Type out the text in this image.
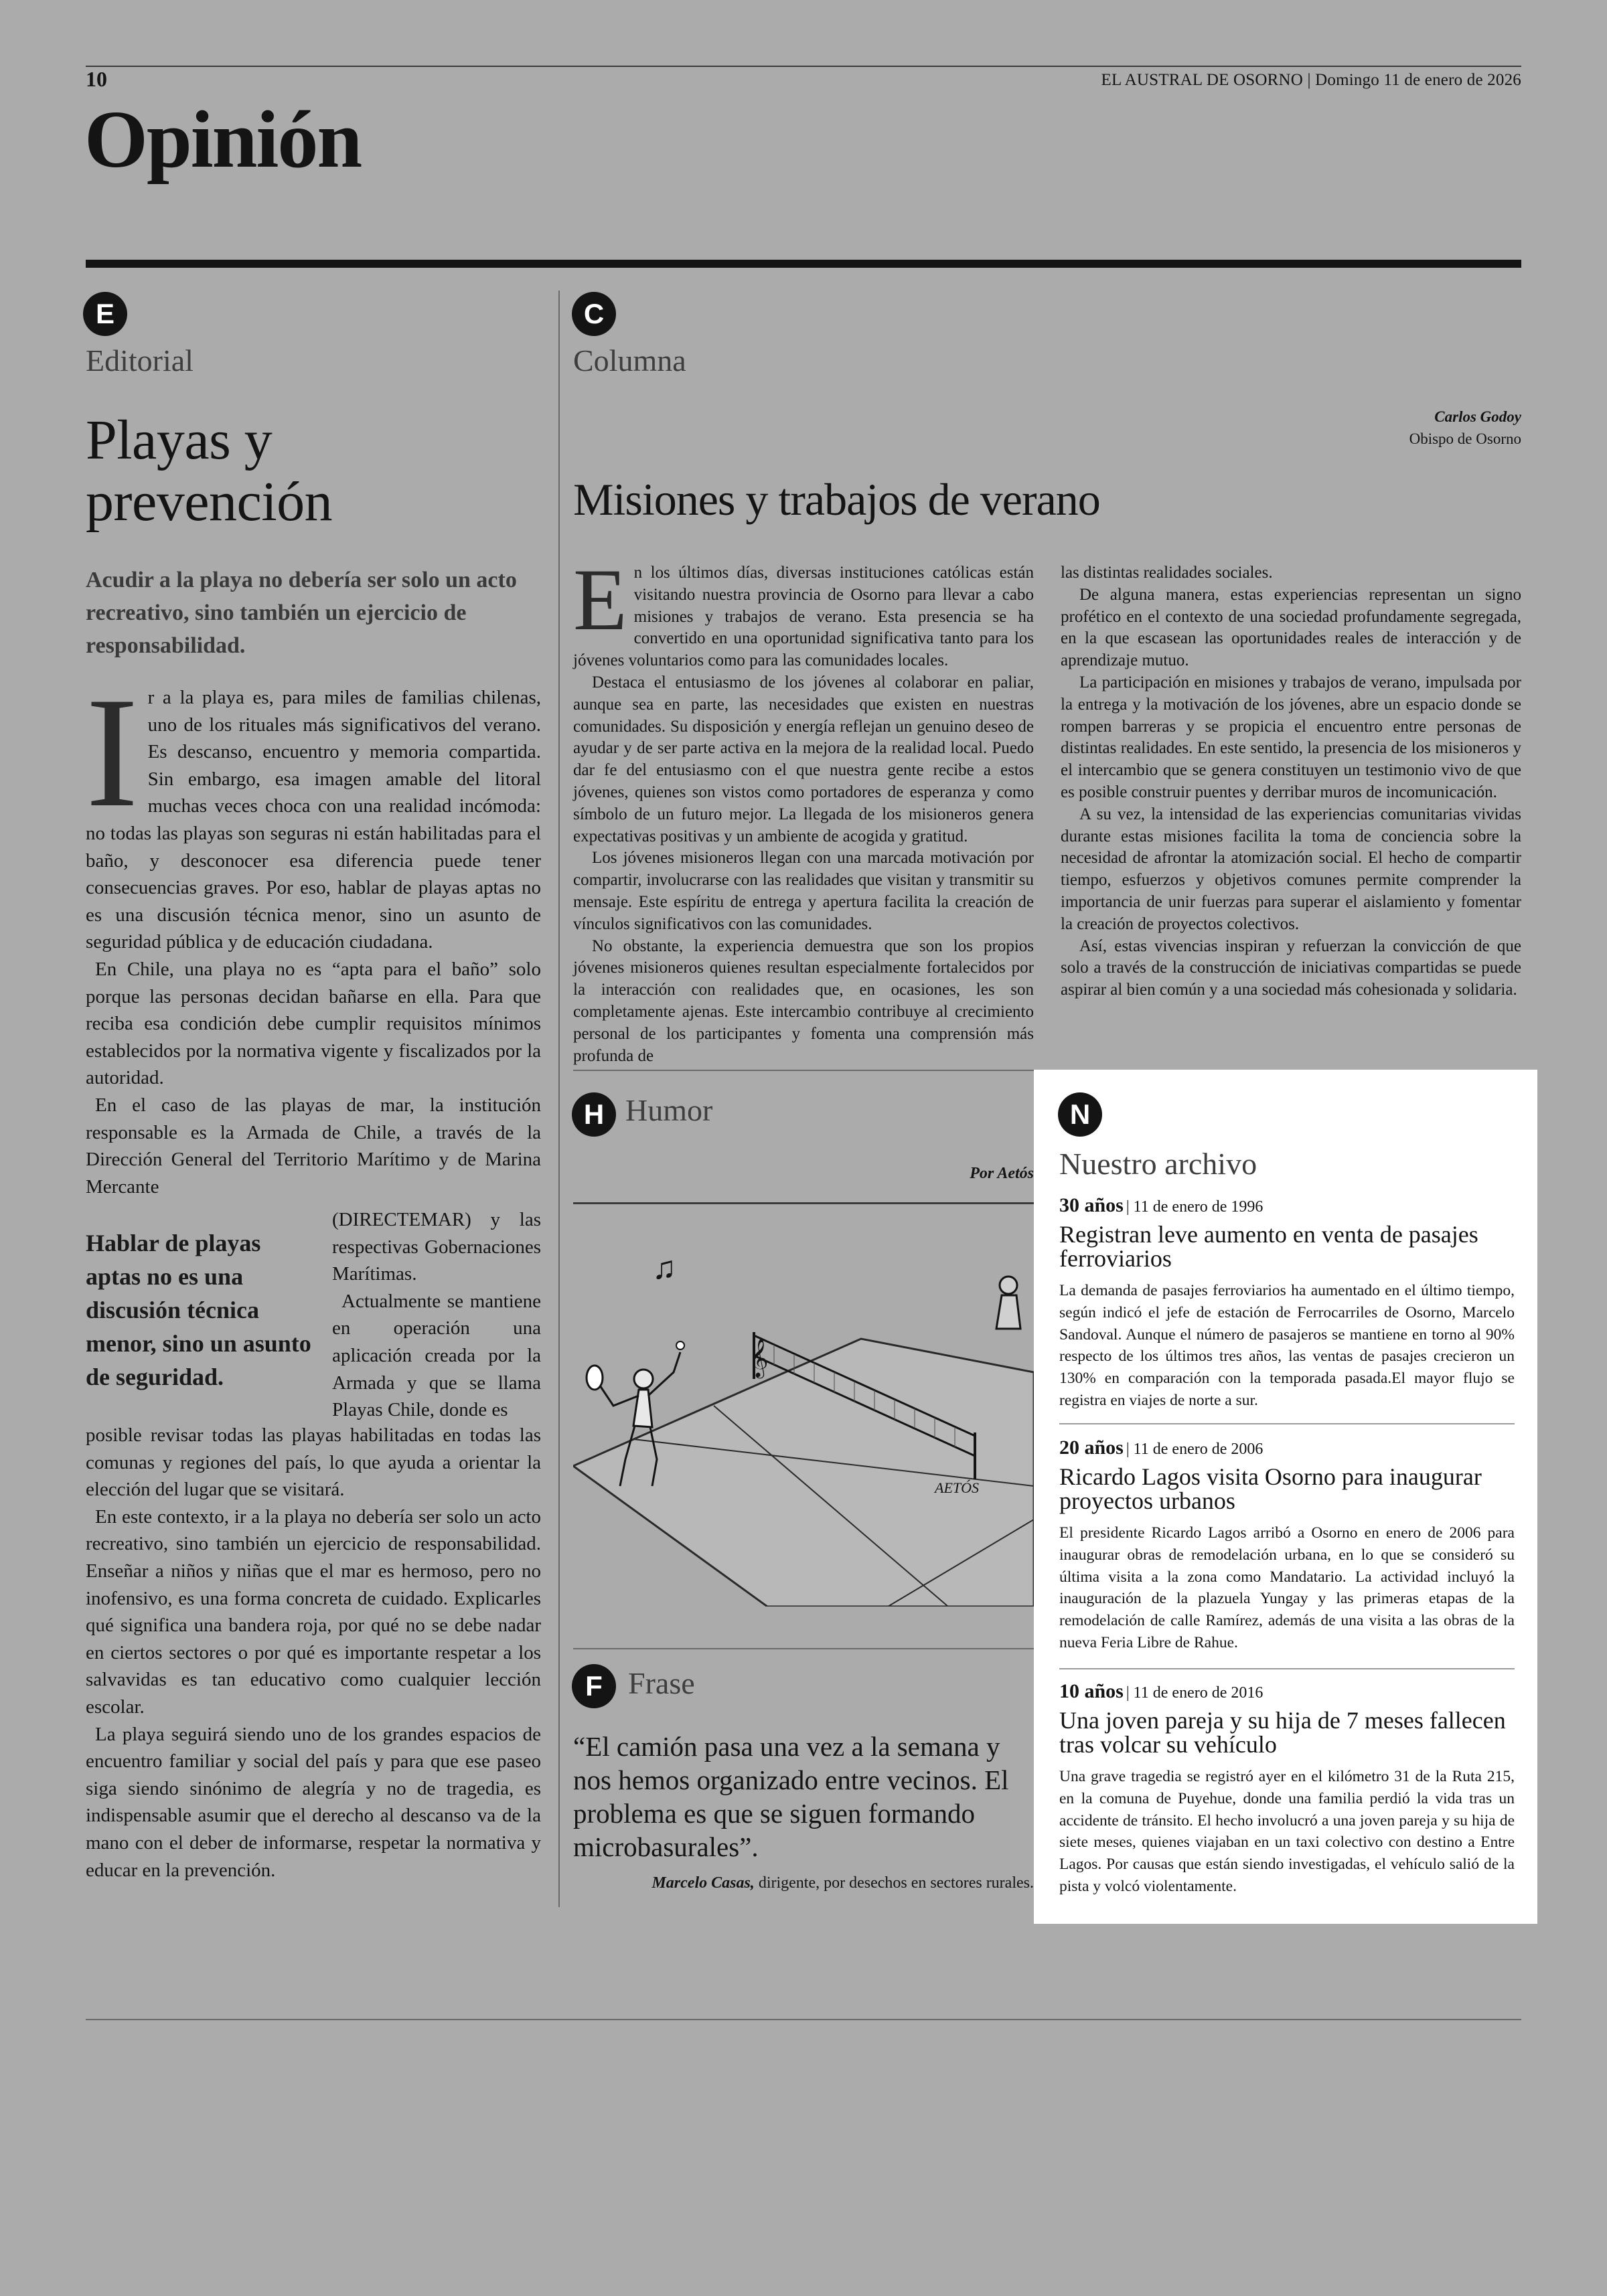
10	EL AUSTRAL DE OSORNO | Domingo 11 de enero de 2026
Opinión
E
Editorial
Playas y
prevención
Acudir a la playa no debería ser solo un acto recreativo, sino también un ejercicio de responsabilidad.

Ir a la playa es, para miles de familias chilenas, uno de los rituales más significativos del verano. Es descanso, encuentro y memoria compartida. Sin embargo, esa imagen amable del litoral muchas veces choca con una realidad incómoda: no todas las playas son seguras ni están habilitadas para el baño, y desconocer esa diferencia puede tener consecuencias graves. Por eso, hablar de playas aptas no es una discusión técnica menor, sino un asunto de seguridad pública y de educación ciudadana.

En Chile, una playa no es “apta para el baño” solo porque las personas decidan bañarse en ella. Para que reciba esa condición debe cumplir requisitos mínimos establecidos por la normativa vigente y fiscalizados por la autoridad.

En el caso de las playas de mar, la institución responsable es la Armada de Chile, a través de la Dirección General del Territorio Marítimo y de Marina Mercante

Hablar de playas aptas no es una discusión técnica menor, sino un asunto de seguridad.

(DIRECTEMAR) y las respectivas Gobernaciones Marítimas.

Actualmente se mantiene en operación una aplicación creada por la Armada y que se llama Playas Chile, donde es

posible revisar todas las playas habilitadas en todas las comunas y regiones del país, lo que ayuda a orientar la elección del lugar que se visitará.

En este contexto, ir a la playa no debería ser solo un acto recreativo, sino también un ejercicio de responsabilidad. Enseñar a niños y niñas que el mar es hermoso, pero no inofensivo, es una forma concreta de cuidado. Explicarles qué significa una bandera roja, por qué no se debe nadar en ciertos sectores o por qué es importante respetar a los salvavidas es tan educativo como cualquier lección escolar.

La playa seguirá siendo uno de los grandes espacios de encuentro familiar y social del país y para que ese paseo siga siendo sinónimo de alegría y no de tragedia, es indispensable asumir que el derecho al descanso va de la mano con el deber de informarse, respetar la normativa y educar en la prevención.

C
Columna
Carlos Godoy
Obispo de Osorno
Misiones y trabajos de verano

En los últimos días, diversas instituciones católicas están visitando nuestra provincia de Osorno para llevar a cabo misiones y trabajos de verano. Esta presencia se ha convertido en una oportunidad significativa tanto para los jóvenes voluntarios como para las comunidades locales.

Destaca el entusiasmo de los jóvenes al colaborar en paliar, aunque sea en parte, las necesidades que existen en nuestras comunidades. Su disposición y energía reflejan un genuino deseo de ayudar y de ser parte activa en la mejora de la realidad local. Puedo dar fe del entusiasmo con el que nuestra gente recibe a estos jóvenes, quienes son vistos como portadores de esperanza y como símbolo de un futuro mejor. La llegada de los misioneros genera expectativas positivas y un ambiente de acogida y gratitud.

Los jóvenes misioneros llegan con una marcada motivación por compartir, involucrarse con las realidades que visitan y transmitir su mensaje. Este espíritu de entrega y apertura facilita la creación de vínculos significativos con las comunidades.

No obstante, la experiencia demuestra que son los propios jóvenes misioneros quienes resultan especialmente fortalecidos por la interacción con realidades que, en ocasiones, les son completamente ajenas. Este intercambio contribuye al crecimiento personal de los participantes y fomenta una comprensión más profunda de

las distintas realidades sociales.

De alguna manera, estas experiencias representan un signo profético en el contexto de una sociedad profundamente segregada, en la que escasean las oportunidades reales de interacción y de aprendizaje mutuo.

La participación en misiones y trabajos de verano, impulsada por la entrega y la motivación de los jóvenes, abre un espacio donde se rompen barreras y se propicia el encuentro entre personas de distintas realidades. En este sentido, la presencia de los misioneros y el intercambio que se genera constituyen un testimonio vivo de que es posible construir puentes y derribar muros de incomunicación.

A su vez, la intensidad de las experiencias comunitarias vividas durante estas misiones facilita la toma de conciencia sobre la necesidad de afrontar la atomización social. El hecho de compartir tiempo, esfuerzos y objetivos comunes permite comprender la importancia de unir fuerzas para superar el aislamiento y fomentar la creación de proyectos colectivos.

Así, estas vivencias inspiran y refuerzan la convicción de que solo a través de la construcción de iniciativas compartidas se puede aspirar al bien común y a una sociedad más cohesionada y solidaria.

H Humor
Por Aetós
♫
𝄞
AETÓS
F Frase
“El camión pasa una vez a la semana y nos hemos organizado entre vecinos. El problema es que se siguen formando microbasurales”.
Marcelo Casas, dirigente, por desechos en sectores rurales.
N
Nuestro archivo
30 años | 11 de enero de 1996
Registran leve aumento en venta de pasajes ferroviarios
La demanda de pasajes ferroviarios ha aumentado en el último tiempo, según indicó el jefe de estación de Ferrocarriles de Osorno, Marcelo Sandoval. Aunque el número de pasajeros se mantiene en torno al 90% respecto de los últimos tres años, las ventas de pasajes crecieron un 130% en comparación con la temporada pasada.El mayor flujo se registra en viajes de norte a sur.
20 años | 11 de enero de 2006
Ricardo Lagos visita Osorno para inaugurar proyectos urbanos
El presidente Ricardo Lagos arribó a Osorno en enero de 2006 para inaugurar obras de remodelación urbana, en lo que se consideró su última visita a la zona como Mandatario. La actividad incluyó la inauguración de la plazuela Yungay y las primeras etapas de la remodelación de calle Ramírez, además de una visita a las obras de la nueva Feria Libre de Rahue.
10 años | 11 de enero de 2016
Una joven pareja y su hija de 7 meses fallecen tras volcar su vehículo
Una grave tragedia se registró ayer en el kilómetro 31 de la Ruta 215, en la comuna de Puyehue, donde una familia perdió la vida tras un accidente de tránsito. El hecho involucró a una joven pareja y su hija de siete meses, quienes viajaban en un taxi colectivo con destino a Entre Lagos. Por causas que están siendo investigadas, el vehículo salió de la pista y volcó violentamente.
